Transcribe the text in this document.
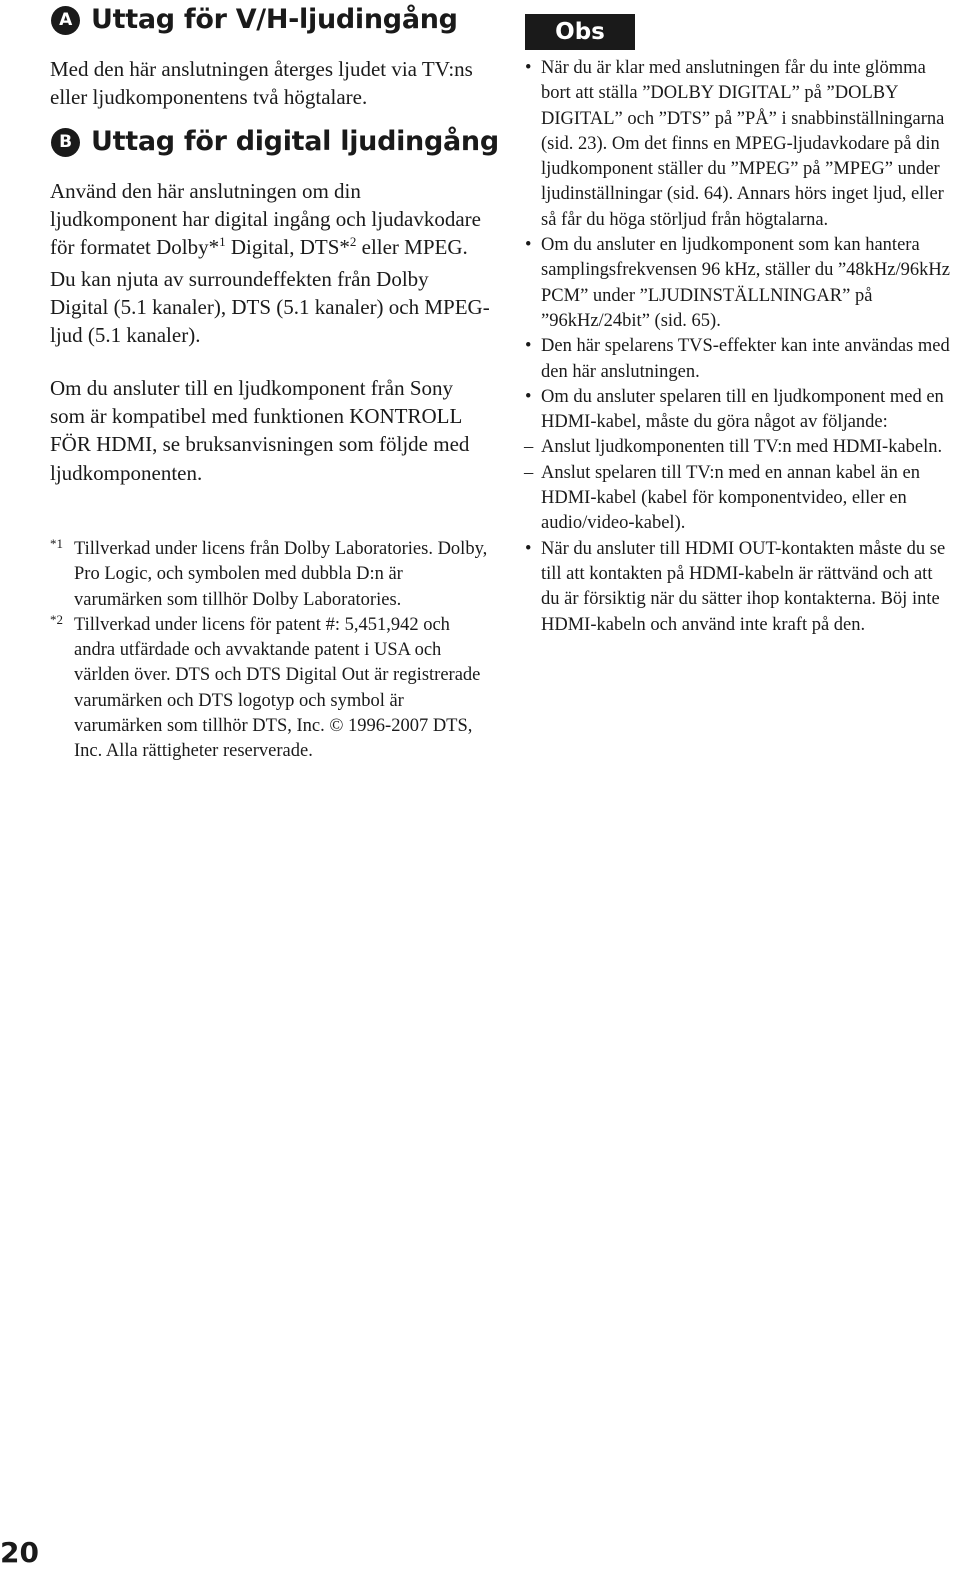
A Uttag för V/H-ljudingång
Med den här anslutningen återges ljudet via TV:ns eller ljudkomponentens två högtalare.
B Uttag för digital ljudingång
Använd den här anslutningen om din ljudkomponent har digital ingång och ljudavkodare för formatet Dolby*$^1$ Digital, DTS*$^2$ eller MPEG. Du kan njuta av surroundeffekten från Dolby Digital (5.1 kanaler), DTS (5.1 kanaler) och MPEG-ljud (5.1 kanaler).
Om du ansluter till en ljudkomponent från Sony som är kompatibel med funktionen KONTROLL FÖR HDMI, se bruksanvisningen som följde med ljudkomponenten.
*1 Tillverkad under licens från Dolby Laboratories. Dolby, Pro Logic, och symbolen med dubbla D:n är varumärken som tillhör Dolby Laboratories.
*2 Tillverkad under licens för patent #: 5,451,942 och andra utfärdade och avvaktande patent i USA och världen över. DTS och DTS Digital Out är registrerade varumärken och DTS logotyp och symbol är varumärken som tillhör DTS, Inc. © 1996-2007 DTS, Inc. Alla rättigheter reserverade.
Obs
• När du är klar med anslutningen får du inte glömma bort att ställa ”DOLBY DIGITAL” på ”DOLBY DIGITAL” och ”DTS” på ”PÅ” i snabbinställningarna (sid. 23). Om det finns en MPEG-ljudavkodare på din ljudkomponent ställer du ”MPEG” på ”MPEG” under ljudinställningar (sid. 64). Annars hörs inget ljud, eller så får du höga störljud från högtalarna.
• Om du ansluter en ljudkomponent som kan hantera samplingsfrekvensen 96 kHz, ställer du ”48kHz/96kHz PCM” under ”LJUDINSTÄLLNINGAR” på ”96kHz/24bit” (sid. 65).
• Den här spelarens TVS-effekter kan inte användas med den här anslutningen.
• Om du ansluter spelaren till en ljudkomponent med en HDMI-kabel, måste du göra något av följande:
– Anslut ljudkomponenten till TV:n med HDMI-kabeln.
– Anslut spelaren till TV:n med en annan kabel än en HDMI-kabel (kabel för komponentvideo, eller en audio/video-kabel).
• När du ansluter till HDMI OUT-kontakten måste du se till att kontakten på HDMI-kabeln är rättvänd och att du är försiktig när du sätter ihop kontakterna. Böj inte HDMI-kabeln och använd inte kraft på den.
20
